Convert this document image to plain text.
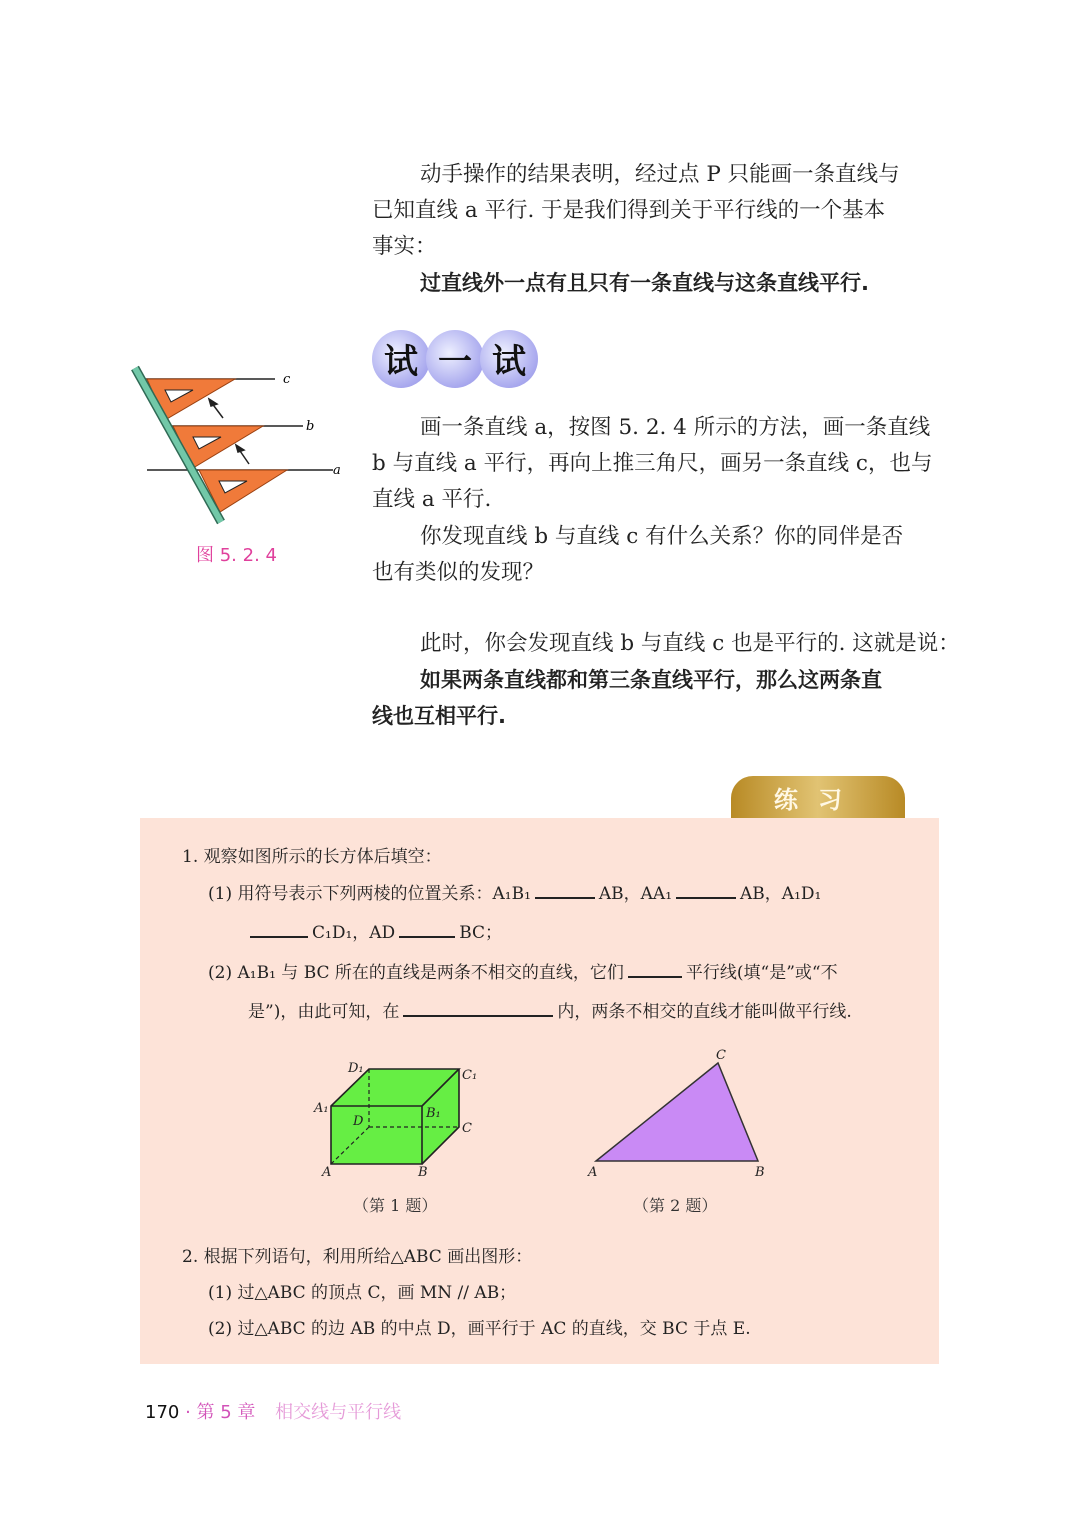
动手操作的结果表明，经过点 P 只能画一条直线与
已知直线 a 平行. 于是我们得到关于平行线的一个基本
事实：
过直线外一点有且只有一条直线与这条直线平行.
试 一 试
c
b
a
图 5. 2. 4
画一条直线 a，按图 5. 2. 4 所示的方法，画一条直线
b 与直线 a 平行，再向上推三角尺，画另一条直线 c，也与
直线 a 平行.
你发现直线 b 与直线 c 有什么关系？你的同伴是否
也有类似的发现？
此时，你会发现直线 b 与直线 c 也是平行的. 这就是说：
如果两条直线都和第三条直线平行，那么这两条直
线也互相平行.
练习
1. 观察如图所示的长方体后填空：
(1) 用符号表示下列两棱的位置关系：A₁B₁	AB，AA₁	AB，A₁D₁
C₁D₁，AD	BC；
(2) A₁B₁ 与 BC 所在的直线是两条不相交的直线，它们	平行线(填“是”或“不
是”)，由此可知，在	内，两条不相交的直线才能叫做平行线.
D₁	C₁
A₁	B₁
D	C
A	B
（第 1 题）
C
A	B
（第 2 题）
2. 根据下列语句，利用所给△ABC 画出图形：
(1) 过△ABC 的顶点 C，画 MN // AB；
(2) 过△ABC 的边 AB 的中点 D，画平行于 AC 的直线，交 BC 于点 E.
170 · 第 5 章 相交线与平行线
